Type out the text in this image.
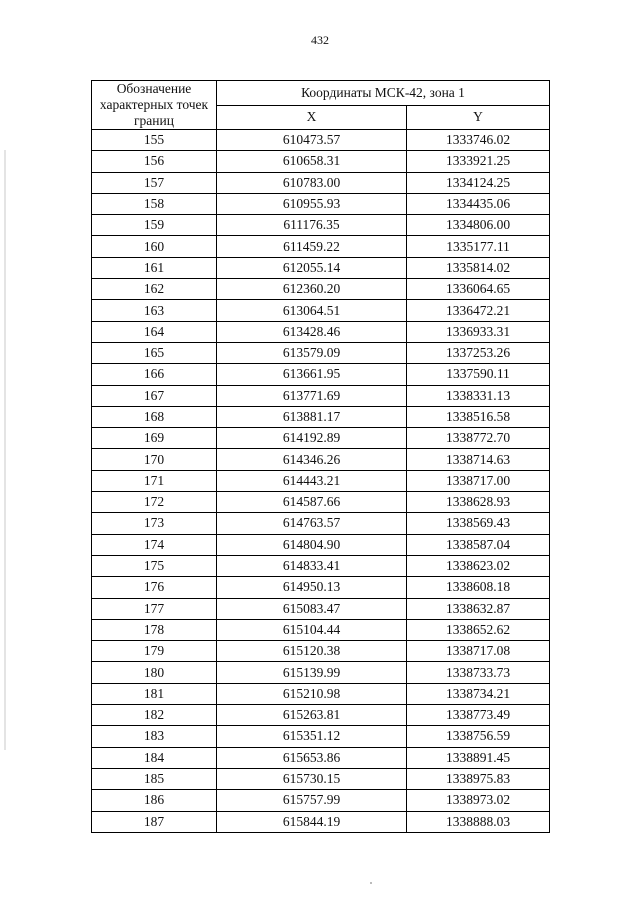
432
Обозначение характерных точек границ	Координаты МСК-42, зона 1	
	X	Y
155	610473.57	1333746.02
156	610658.31	1333921.25
157	610783.00	1334124.25
158	610955.93	1334435.06
159	611176.35	1334806.00
160	611459.22	1335177.11
161	612055.14	1335814.02
162	612360.20	1336064.65
163	613064.51	1336472.21
164	613428.46	1336933.31
165	613579.09	1337253.26
166	613661.95	1337590.11
167	613771.69	1338331.13
168	613881.17	1338516.58
169	614192.89	1338772.70
170	614346.26	1338714.63
171	614443.21	1338717.00
172	614587.66	1338628.93
173	614763.57	1338569.43
174	614804.90	1338587.04
175	614833.41	1338623.02
176	614950.13	1338608.18
177	615083.47	1338632.87
178	615104.44	1338652.62
179	615120.38	1338717.08
180	615139.99	1338733.73
181	615210.98	1338734.21
182	615263.81	1338773.49
183	615351.12	1338756.59
184	615653.86	1338891.45
185	615730.15	1338975.83
186	615757.99	1338973.02
187	615844.19	1338888.03
